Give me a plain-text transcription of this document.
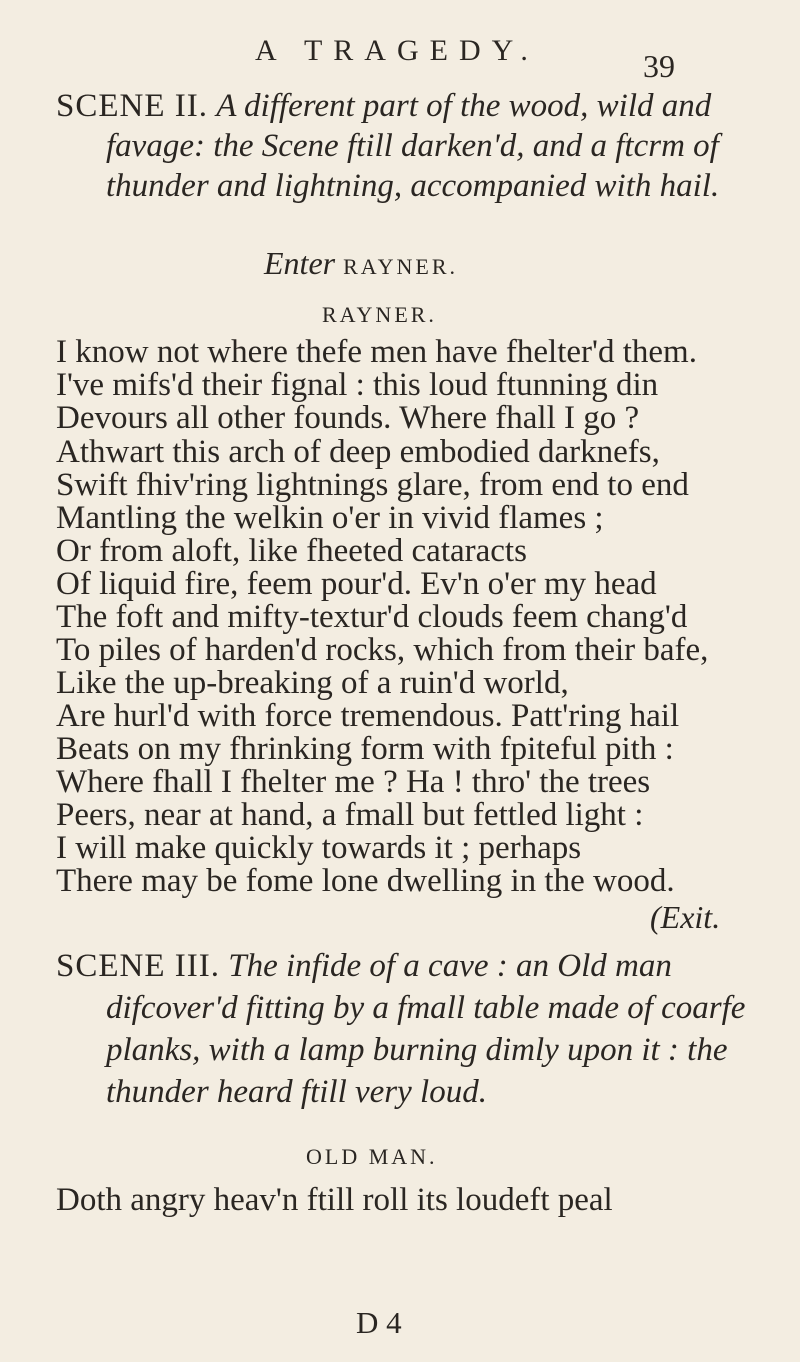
A TRAGEDY.	39
SCENE II. A different part of the wood, wild and
favage: the Scene ftill darken'd, and a ftcrm of
thunder and lightning, accompanied with hail.
Enter RAYNER.
RAYNER.
I know not where thefe men have fhelter'd them.
I've mifs'd their fignal : this loud ftunning din
Devours all other founds. Where fhall I go ?
Athwart this arch of deep embodied darknefs,
Swift fhiv'ring lightnings glare, from end to end
Mantling the welkin o'er in vivid flames ;
Or from aloft, like fheeted cataracts
Of liquid fire, feem pour'd. Ev'n o'er my head
The foft and mifty-textur'd clouds feem chang'd
To piles of harden'd rocks, which from their bafe,
Like the up-breaking of a ruin'd world,
Are hurl'd with force tremendous. Patt'ring hail
Beats on my fhrinking form with fpiteful pith :
Where fhall I fhelter me ? Ha ! thro' the trees
Peers, near at hand, a fmall but fettled light :
I will make quickly towards it ; perhaps
There may be fome lone dwelling in the wood.
(Exit.
SCENE III. The infide of a cave : an Old man
difcover'd fitting by a fmall table made of coarfe
planks, with a lamp burning dimly upon it : the
thunder heard ftill very loud.
OLD MAN.
Doth angry heav'n ftill roll its loudeft peal
D 4
